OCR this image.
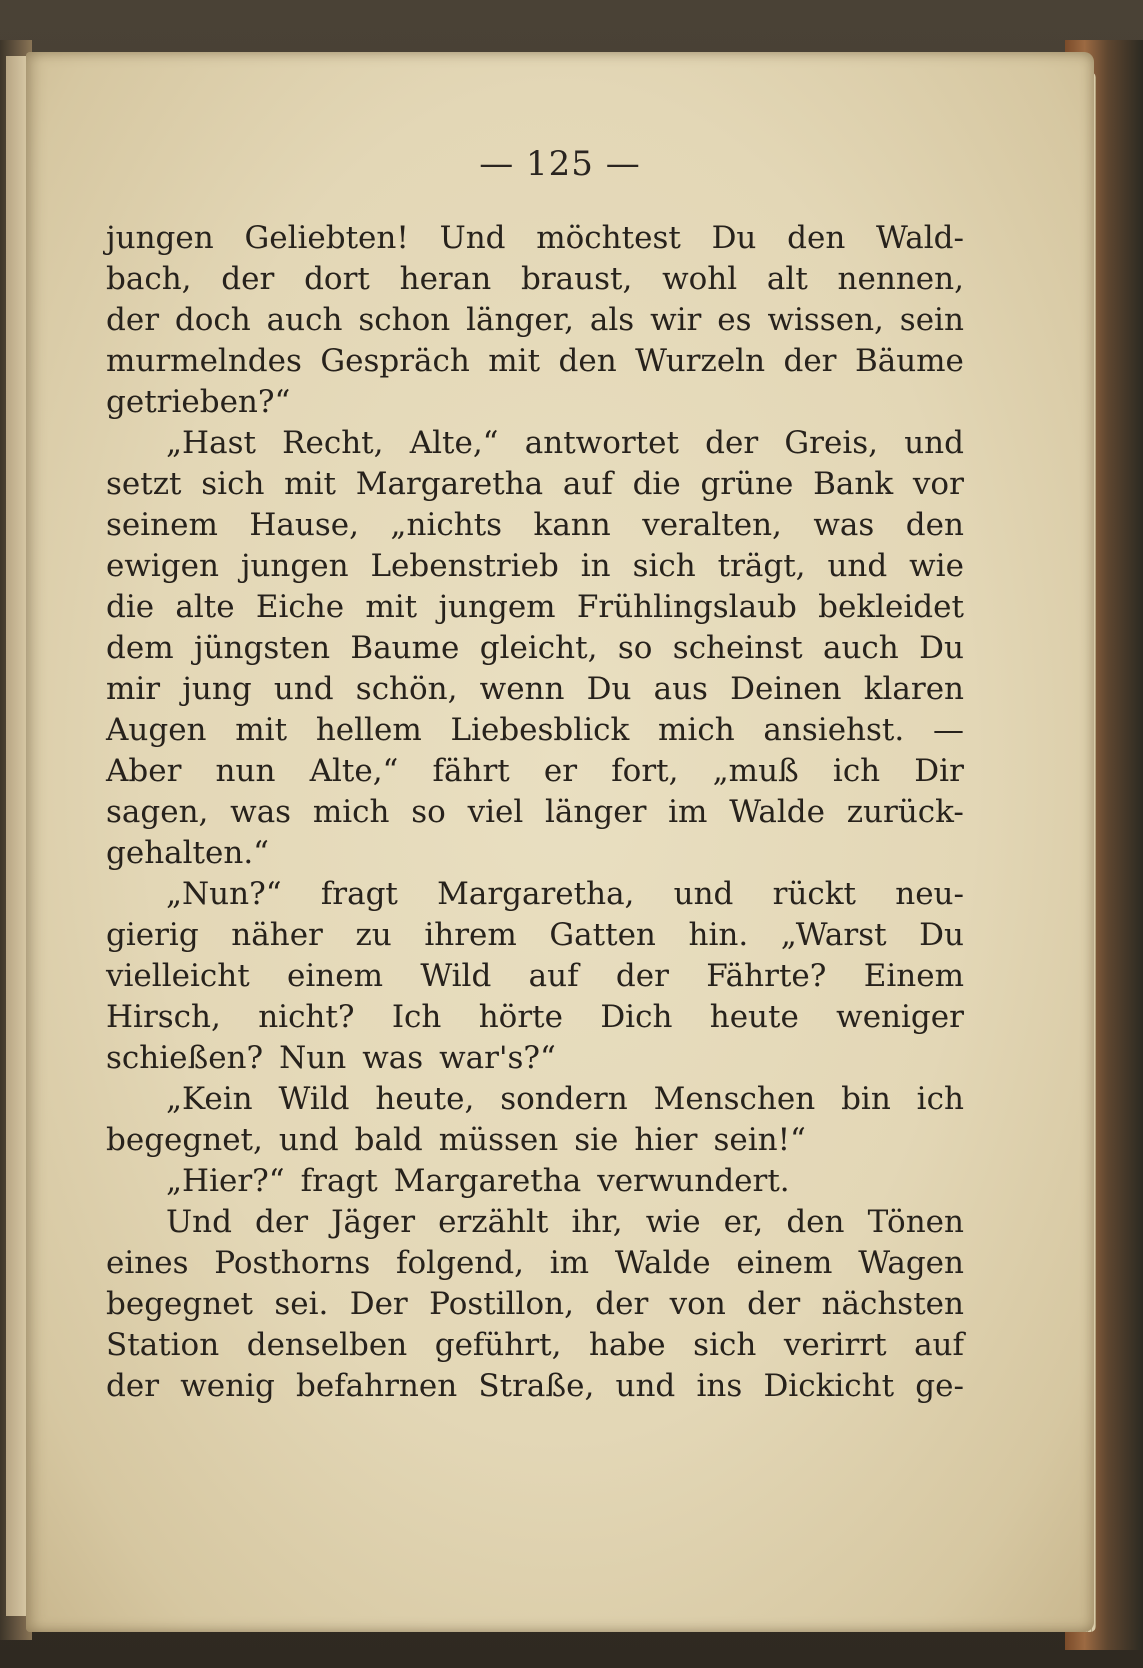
— 125 —
jungen Geliebten! Und möchtest Du den Wald-
bach, der dort heran braust, wohl alt nennen,
der doch auch schon länger, als wir es wissen, sein
murmelndes Gespräch mit den Wurzeln der Bäume
getrieben?“
„Hast Recht, Alte,“ antwortet der Greis, und
setzt sich mit Margaretha auf die grüne Bank vor
seinem Hause, „nichts kann veralten, was den
ewigen jungen Lebenstrieb in sich trägt, und wie
die alte Eiche mit jungem Frühlingslaub bekleidet
dem jüngsten Baume gleicht, so scheinst auch Du
mir jung und schön, wenn Du aus Deinen klaren
Augen mit hellem Liebesblick mich ansiehst. —
Aber nun Alte,“ fährt er fort, „muß ich Dir
sagen, was mich so viel länger im Walde zurück-
gehalten.“
„Nun?“ fragt Margaretha, und rückt neu-
gierig näher zu ihrem Gatten hin. „Warst Du
vielleicht einem Wild auf der Fährte? Einem
Hirsch, nicht? Ich hörte Dich heute weniger
schießen? Nun was war's?“
„Kein Wild heute, sondern Menschen bin ich
begegnet, und bald müssen sie hier sein!“
„Hier?“ fragt Margaretha verwundert.
Und der Jäger erzählt ihr, wie er, den Tönen
eines Posthorns folgend, im Walde einem Wagen
begegnet sei. Der Postillon, der von der nächsten
Station denselben geführt, habe sich verirrt auf
der wenig befahrnen Straße, und ins Dickicht ge-
